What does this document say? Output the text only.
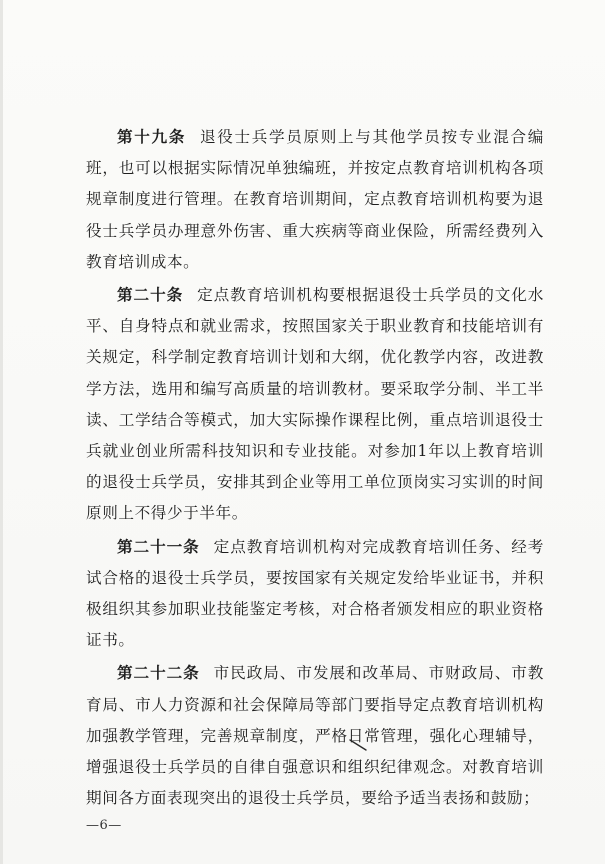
第十九条 退役士兵学员原则上与其他学员按专业混合编班，也可以根据实际情况单独编班，并按定点教育培训机构各项规章制度进行管理。在教育培训期间，定点教育培训机构要为退役士兵学员办理意外伤害、重大疾病等商业保险，所需经费列入教育培训成本。

第二十条 定点教育培训机构要根据退役士兵学员的文化水平、自身特点和就业需求，按照国家关于职业教育和技能培训有关规定，科学制定教育培训计划和大纲，优化教学内容，改进教学方法，选用和编写高质量的培训教材。要采取学分制、半工半读、工学结合等模式，加大实际操作课程比例，重点培训退役士兵就业创业所需科技知识和专业技能。对参加1年以上教育培训的退役士兵学员，安排其到企业等用工单位顶岗实习实训的时间原则上不得少于半年。

第二十一条 定点教育培训机构对完成教育培训任务、经考试合格的退役士兵学员，要按国家有关规定发给毕业证书，并积极组织其参加职业技能鉴定考核，对合格者颁发相应的职业资格证书。

第二十二条 市民政局、市发展和改革局、市财政局、市教育局、市人力资源和社会保障局等部门要指导定点教育培训机构加强教学管理，完善规章制度，严格日常管理，强化心理辅导，增强退役士兵学员的自律自强意识和组织纪律观念。对教育培训期间各方面表现突出的退役士兵学员，要给予适当表扬和鼓励；

—6—
